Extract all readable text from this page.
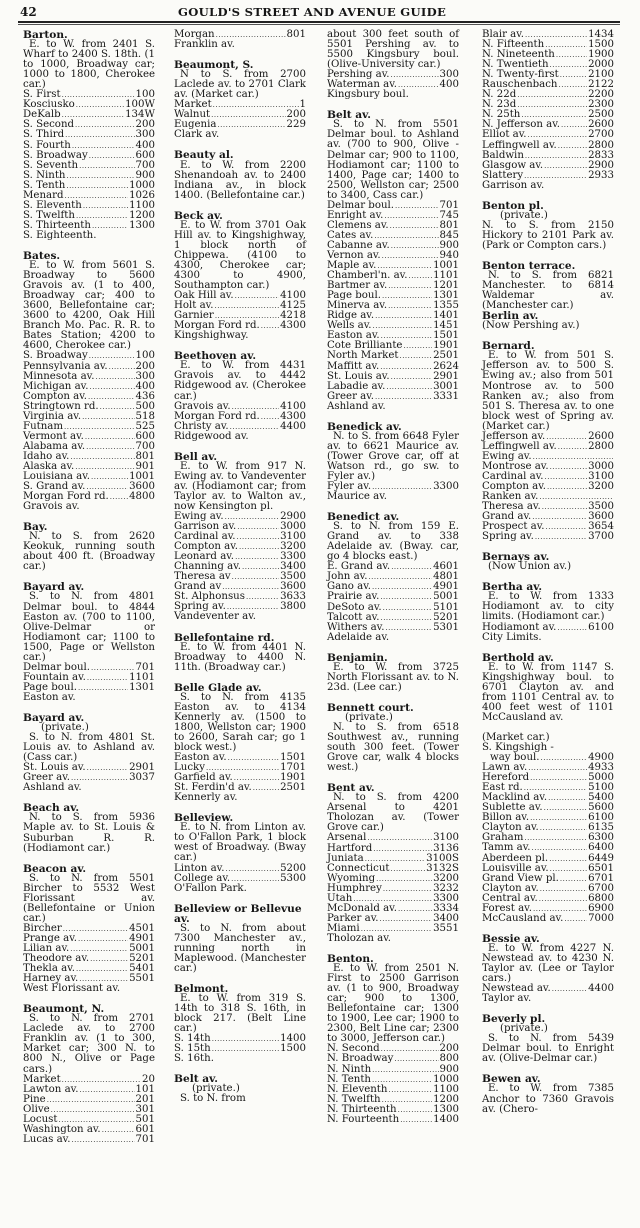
42	GOULD'S STREET AND AVENUE GUIDE
Barton.
E. to W. from 2401 S. Wharf to 2400 S. 18th. (1 to 1000, Broadway car; 1000 to 1800, Cherokee car.)
S. First .....	100
Kosciusko .....	100W
DeKalb .....	134W
S. Second .....	200
S. Third .....	300
S. Fourth .....	400
S. Broadway .....	600
S. Seventh .....	700
S. Ninth .....	900
S. Tenth .....	1000
Menard .....	1026
S. Eleventh .....	1100
S. Twelfth .....	1200
S. Thirteenth .....	1300
S. Eighteenth.
Bates.
E. to W. from 5601 S. Broadway to 5600 Gravois av. (1 to 400, Broadway car; 400 to 3600, Bellefontaine car; 3600 to 4200, Oak Hill Branch Mo. Pac. R. R. to Bates Station; 4200 to 4600, Cherokee car.)
S. Broadway .....	100
Pennsylvania av. .....	200
Minnesota av. .....	300
Michigan av. .....	400
Compton av. .....	436
Stringtown rd. .....	500
Virginia av. .....	518
Futnam .....	525
Vermont av. .....	600
Alabama av. .....	700
Idaho av. .....	801
Alaska av. .....	901
Louisiana av. .....	1001
S. Grand av. .....	3600
Morgan Ford rd. ..... 4800
Gravois av.
Bay.
N. to S. from 2620 Keokuk, running south about 400 ft. (Broadway car.)
Bayard av.
S. to N. from 4801 Delmar boul. to 4844 Easton av. (700 to 1100, Olive-Delmar or Hodiamont car; 1100 to 1500, Page or Wellston car.)
Delmar boul. .....	701
Fountain av. .....	1101
Page boul. .....	1301
Easton av.
Bayard av.
(private.)
S. to N. from 4801 St. Louis av. to Ashland av. (Cass car.)
St. Louis av. .....	2901
Greer av. .....	3037
Ashland av.
Beach av.
N. to S. from 5936 Maple av. to St. Louis & Suburban R. R. (Hodiamont car.)
Beacon av.
S. to N. from 5501 Bircher to 5532 West Florissant av. (Bellefontaine or Union car.)
Bircher .....	4501
Prange av. .....	4901
Lilian av. .....	5001
Theodore av. .....	5201
Thekla av. .....	5401
Harney av. .....	5501
West Florissant av.
Beaumont, N.
S. to N. from 2701 Laclede av. to 2700 Franklin av. (1 to 300, Market car; 300 N. to 800 N., Olive or Page cars.)
Market .....	20
Lawton av. .....	101
Pine .....	201
Olive .....	301
Locust .....	501
Washington av. .....	601
Lucas av. .....	701
Morgan .....	801
Franklin av.
Beaumont, S.
N to S. from 2700 Laclede av. to 2701 Clark av. (Market car.)
Market .....	1
Walnut .....	200
Eugenia .....	229
Clark av.
Beauty al.
E. to W. from 2200 Shenandoah av. to 2400 Indiana av., in block 1400. (Bellefontaine car.)
Beck av.
E. to W. from 3701 Oak Hill av. to Kingshighway, 1 block north of Chippewa. (4100 to 4300, Cherokee car; 4300 to 4900, Southampton car.)
Oak Hill av. .....	4100
Holt av. .....	4125
Garnier .....	4218
Morgan Ford rd. ..... 4300
Kingshighway.
Beethoven av.
E. to W. from 4431 Gravois av. to 4442 Ridgewood av. (Cherokee car.)
Gravois av. .....	4100
Morgan Ford rd. ..... 4300
Christy av. .....	4400
Ridgewood av.
Bell av.
E. to W. from 917 N. Ewing av. to Vandeventer av. (Hodiamont car; from Taylor av. to Walton av., now Kensington pl.
Ewing av. .....	2900
Garrison av. .....	3000
Cardinal av. .....	3100
Compton av. .....	3200
Leonard av. .....	3300
Channing av. .....	3400
Theresa av .....	3500
Grand av .....	3600
St. Alphonsus .....	3633
Spring av. .....	3800
Vandeventer av.
Bellefontaine rd.
E. to W. from 4401 N. Broadway to 4400 N. 11th. (Broadway car.)
Belle Glade av.
S. to N. from 4135 Easton av. to 4134 Kennerly av. (1500 to 1800, Wellston car; 1900 to 2600, Sarah car; go 1 block west.)
Easton av. .....	1501
Lucky .....	1701
Garfield av. .....	1901
St. Ferdin'd av. .....	2501
Kennerly av.
Belleview.
E. to N. from Linton av. to O'Fallon Park, 1 block west of Broadway. (Bway car.)
Linton av. .....	5200
College av. .....	5300
O'Fallon Park.
Belleview or Bellevue av.
S. to N. from about 7300 Manchester av., running north in Maplewood. (Manchester car.)
Belmont.
E. to W. from 319 S. 14th to 318 S. 16th, in block 217. (Belt Line car.)
S. 14th .....	1400
S. 15th .....	1500
S. 16th.
Belt av.
(private.)
S. to N. from
about 300 feet south of 5501 Pershing av. to 5500 Kingsbury boul. (Olive-University car.)
Pershing av. .....	300
Waterman av. .....	400
Kingsbury boul.
Belt av.
S. to N. from 5501 Delmar boul. to Ashland av. (700 to 900, Olive - Delmar car; 900 to 1100, Hodiamont car; 1100 to 1400, Page car; 1400 to 2500, Wellston car; 2500 to 3400, Cass car.)
Delmar boul. .....	701
Enright av. .....	745
Clemens av. .....	801
Cates av. .....	845
Cabanne av. .....	900
Vernon av. .....	940
Maple av. .....	1001
Chamberl'n. av. .....	1101
Bartmer av. .....	1201
Page boul. .....	1301
Minerva av. .....	1355
Ridge av. .....	1401
Wells av. .....	1451
Easton av. .....	1501
Cote Brilliante .....	1901
North Market .....	2501
Maffitt av. .....	2624
St. Louis av. .....	2901
Labadie av. .....	3001
Greer av. .....	3331
Ashland av.
Benedick av.
N. to S. from 6648 Fyler av. to 6621 Maurice av. (Tower Grove car, off at Watson rd., go sw. to Fyler av.)
Fyler av. .....	3300
Maurice av.
Benedict av.
S. to N. from 159 E. Grand av. to 338 Adelaide av. (Bway. car, go 4 blocks east.)
E. Grand av. .....	4601
John av. .....	4801
Gano av. .....	4901
Prairie av. .....	5001
DeSoto av. .....	5101
Talcott av. .....	5201
Withers av. .....	5301
Adelaide av.
Benjamin.
E. to W. from 3725 North Florissant av. to N. 23d. (Lee car.)
Bennett court.
(private.)
N. to S. from 6518 Southwest av., running south 300 feet. (Tower Grove car, walk 4 blocks west.)
Bent av.
N. to S. from 4200 Arsenal to 4201 Tholozan av. (Tower Grove car.)
Arsenal .....	3100
Hartford .....	3136
Juniata .....	3100S
Connecticut .....	3132S
Wyoming .....	3200
Humphrey .....	3232
Utah .....	3300
McDonald av. .....	3334
Parker av. .....	3400
Miami .....	3551
Tholozan av.
Benton.
E. to W. from 2501 N. First to 2500 Garrison av. (1 to 900, Broadway car; 900 to 1300, Bellefontaine car; 1300 to 1900, Lee car; 1900 to 2300, Belt Line car; 2300 to 3000, Jefferson car.)
N. Second .....	200
N. Broadway .....	800
N. Ninth .....	900
N. Tenth .....	1000
N. Eleventh .....	1100
N. Twelfth .....	1200
N. Thirteenth .....	1300
N. Fourteenth .....	1400
Blair av. .....	1434
N. Fifteenth .....	1500
N. Nineteenth .....	1900
N. Twentieth .....	2000
N. Twenty-first .....	2100
Rauschenbach .....	2122
N. 22d .....	2200
N. 23d .....	2300
N. 25th .....	2500
N. Jefferson av. .....	2600
Elliot av. .....	2700
Leffingwell av. .....	2800
Baldwin .....	2833
Glasgow av. .....	2900
Slattery .....	2933
Garrison av.
Benton pl.
(private.)
N. to S. from 2150 Hickory to 2101 Park av. (Park or Compton cars.)
Benton terrace.
N. to S. from 6821 Manchester. to 6814 Waldemar av. (Manchester car.)
Berlin av.
(Now Pershing av.)
Bernard.
E. to W. from 501 S. Jefferson av. to 500 S. Ewing av.; also from 501 Montrose av. to 500 Ranken av.; also from 501 S. Theresa av. to one block west of Spring av. (Market car.)
Jefferson av. .....	2600
Leffingwell av. .....	2800
Ewing av.
.....
Montrose av. .....	3000
Cardinal av. .....	3100
Compton av. .....	3200
Ranken av.
.....
Theresa av. .....	3500
Grand av. .....	3600
Prospect av. .....	3654
Spring av. .....	3700
Bernays av.
(Now Union av.)
Bertha av.
E. to W. from 1333 Hodiamont av. to city limits. (Hodiamont car.)
Hodiamont av. .....	6100
City Limits.
Berthold av.
E. to W. from 1147 S. Kingshighway boul. to 6701 Clayton av. and from 1101 Central av. to 400 feet west of 1101 McCausland av.
(Market car.)
S. Kingshigh -
way boul. .....	4900
Lawn av. .....	4933
Hereford .....	5000
East rd. .....	5100
Macklind av. .....	5400
Sublette av. .....	5600
Billon av. .....	6100
Clayton av. .....	6135
Graham .....	6300
Tamm av. .....	6400
Aberdeen pl. .....	6449
Louisville av. .....	6501
Grand View pl. .....	6701
Clayton av. .....	6700
Central av. .....	6800
Forest av. .....	6900
McCausland av. ..... 7000
Bessie av.
E. to W. from 4227 N. Newstead av. to 4230 N. Taylor av. (Lee or Taylor cars.)
Newstead av. .....	4400
Taylor av.
Beverly pl.
(private.)
S. to N. from 5439 Delmar boul. to Enright av. (Olive-Delmar car.)
Bewen av.
E. to W. from 7385 Anchor to 7360 Gravois av. (Chero-
